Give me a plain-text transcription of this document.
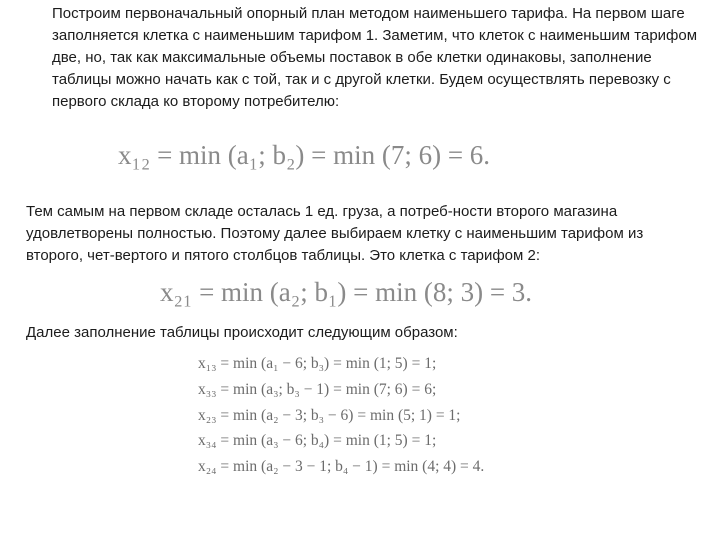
Построим первоначальный опорный план методом наименьшего тарифа. На первом шаге заполняется клетка с наименьшим тарифом 1. Заметим, что клеток с наименьшим тарифом две, но, так как максимальные объемы поставок в обе клетки одинаковы, заполнение таблицы можно начать как с той, так и с другой клетки. Будем осуществлять перевозку с первого склада ко второму потребителю:

x₁₂ = min (a₁; b₂) = min (7; 6) = 6.

Тем самым на первом складе осталась 1 ед. груза, а потреб-ности второго магазина удовлетворены полностью. Поэтому далее выбираем клетку с наименьшим тарифом из второго, чет-вертого и пятого столбцов таблицы. Это клетка с тарифом 2:

x₂₁ = min (a₂; b₁) = min (8; 3) = 3.

Далее заполнение таблицы происходит следующим образом:

x₁₃ = min (a₁ − 6; b₃) = min (1; 5) = 1;
x₃₃ = min (a₃; b₃ − 1) = min (7; 6) = 6;
x₂₃ = min (a₂ − 3; b₃ − 6) = min (5; 1) = 1;
x₃₄ = min (a₃ − 6; b₄) = min (1; 5) = 1;
x₂₄ = min (a₂ − 3 − 1; b₄ − 1) = min (4; 4) = 4.
